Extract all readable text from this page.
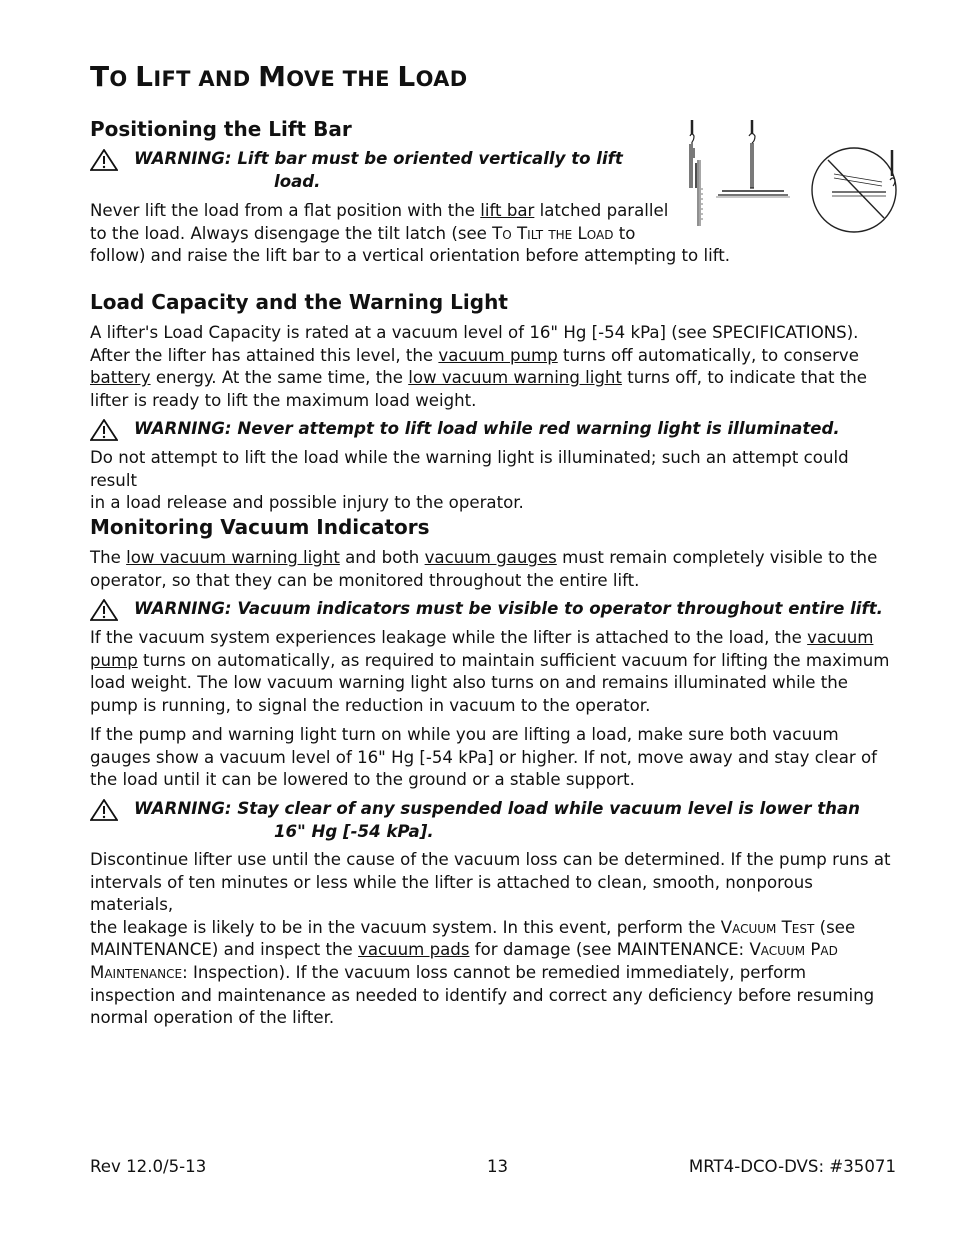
TO LIFT AND MOVE THE LOAD
Positioning the Lift Bar
WARNING: Lift bar must be oriented vertically to lift
load.

Never lift the load from a flat position with the lift bar latched parallel
to the load. Always disengage the tilt latch (see To Tilt the Load to
follow) and raise the lift bar to a vertical orientation before attempting to lift.

Load Capacity and the Warning Light

A lifter's Load Capacity is rated at a vacuum level of 16" Hg [-54 kPa] (see SPECIFICATIONS).
After the lifter has attained this level, the vacuum pump turns off automatically, to conserve
battery energy. At the same time, the low vacuum warning light turns off, to indicate that the
lifter is ready to lift the maximum load weight.

WARNING: Never attempt to lift load while red warning light is illuminated.

Do not attempt to lift the load while the warning light is illuminated; such an attempt could result
in a load release and possible injury to the operator.

Monitoring Vacuum Indicators

The low vacuum warning light and both vacuum gauges must remain completely visible to the
operator, so that they can be monitored throughout the entire lift.

WARNING: Vacuum indicators must be visible to operator throughout entire lift.

If the vacuum system experiences leakage while the lifter is attached to the load, the vacuum
pump turns on automatically, as required to maintain sufficient vacuum for lifting the maximum
load weight. The low vacuum warning light also turns on and remains illuminated while the
pump is running, to signal the reduction in vacuum to the operator.

If the pump and warning light turn on while you are lifting a load, make sure both vacuum
gauges show a vacuum level of 16" Hg [-54 kPa] or higher. If not, move away and stay clear of
the load until it can be lowered to the ground or a stable support.

WARNING: Stay clear of any suspended load while vacuum level is lower than
16" Hg [-54 kPa].

Discontinue lifter use until the cause of the vacuum loss can be determined. If the pump runs at
intervals of ten minutes or less while the lifter is attached to clean, smooth, nonporous materials,
the leakage is likely to be in the vacuum system. In this event, perform the Vacuum Test (see
MAINTENANCE) and inspect the vacuum pads for damage (see MAINTENANCE: Vacuum Pad
Maintenance: Inspection). If the vacuum loss cannot be remedied immediately, perform
inspection and maintenance as needed to identify and correct any deficiency before resuming
normal operation of the lifter.

Rev 12.0/5-13	13	MRT4-DCO-DVS: #35071
